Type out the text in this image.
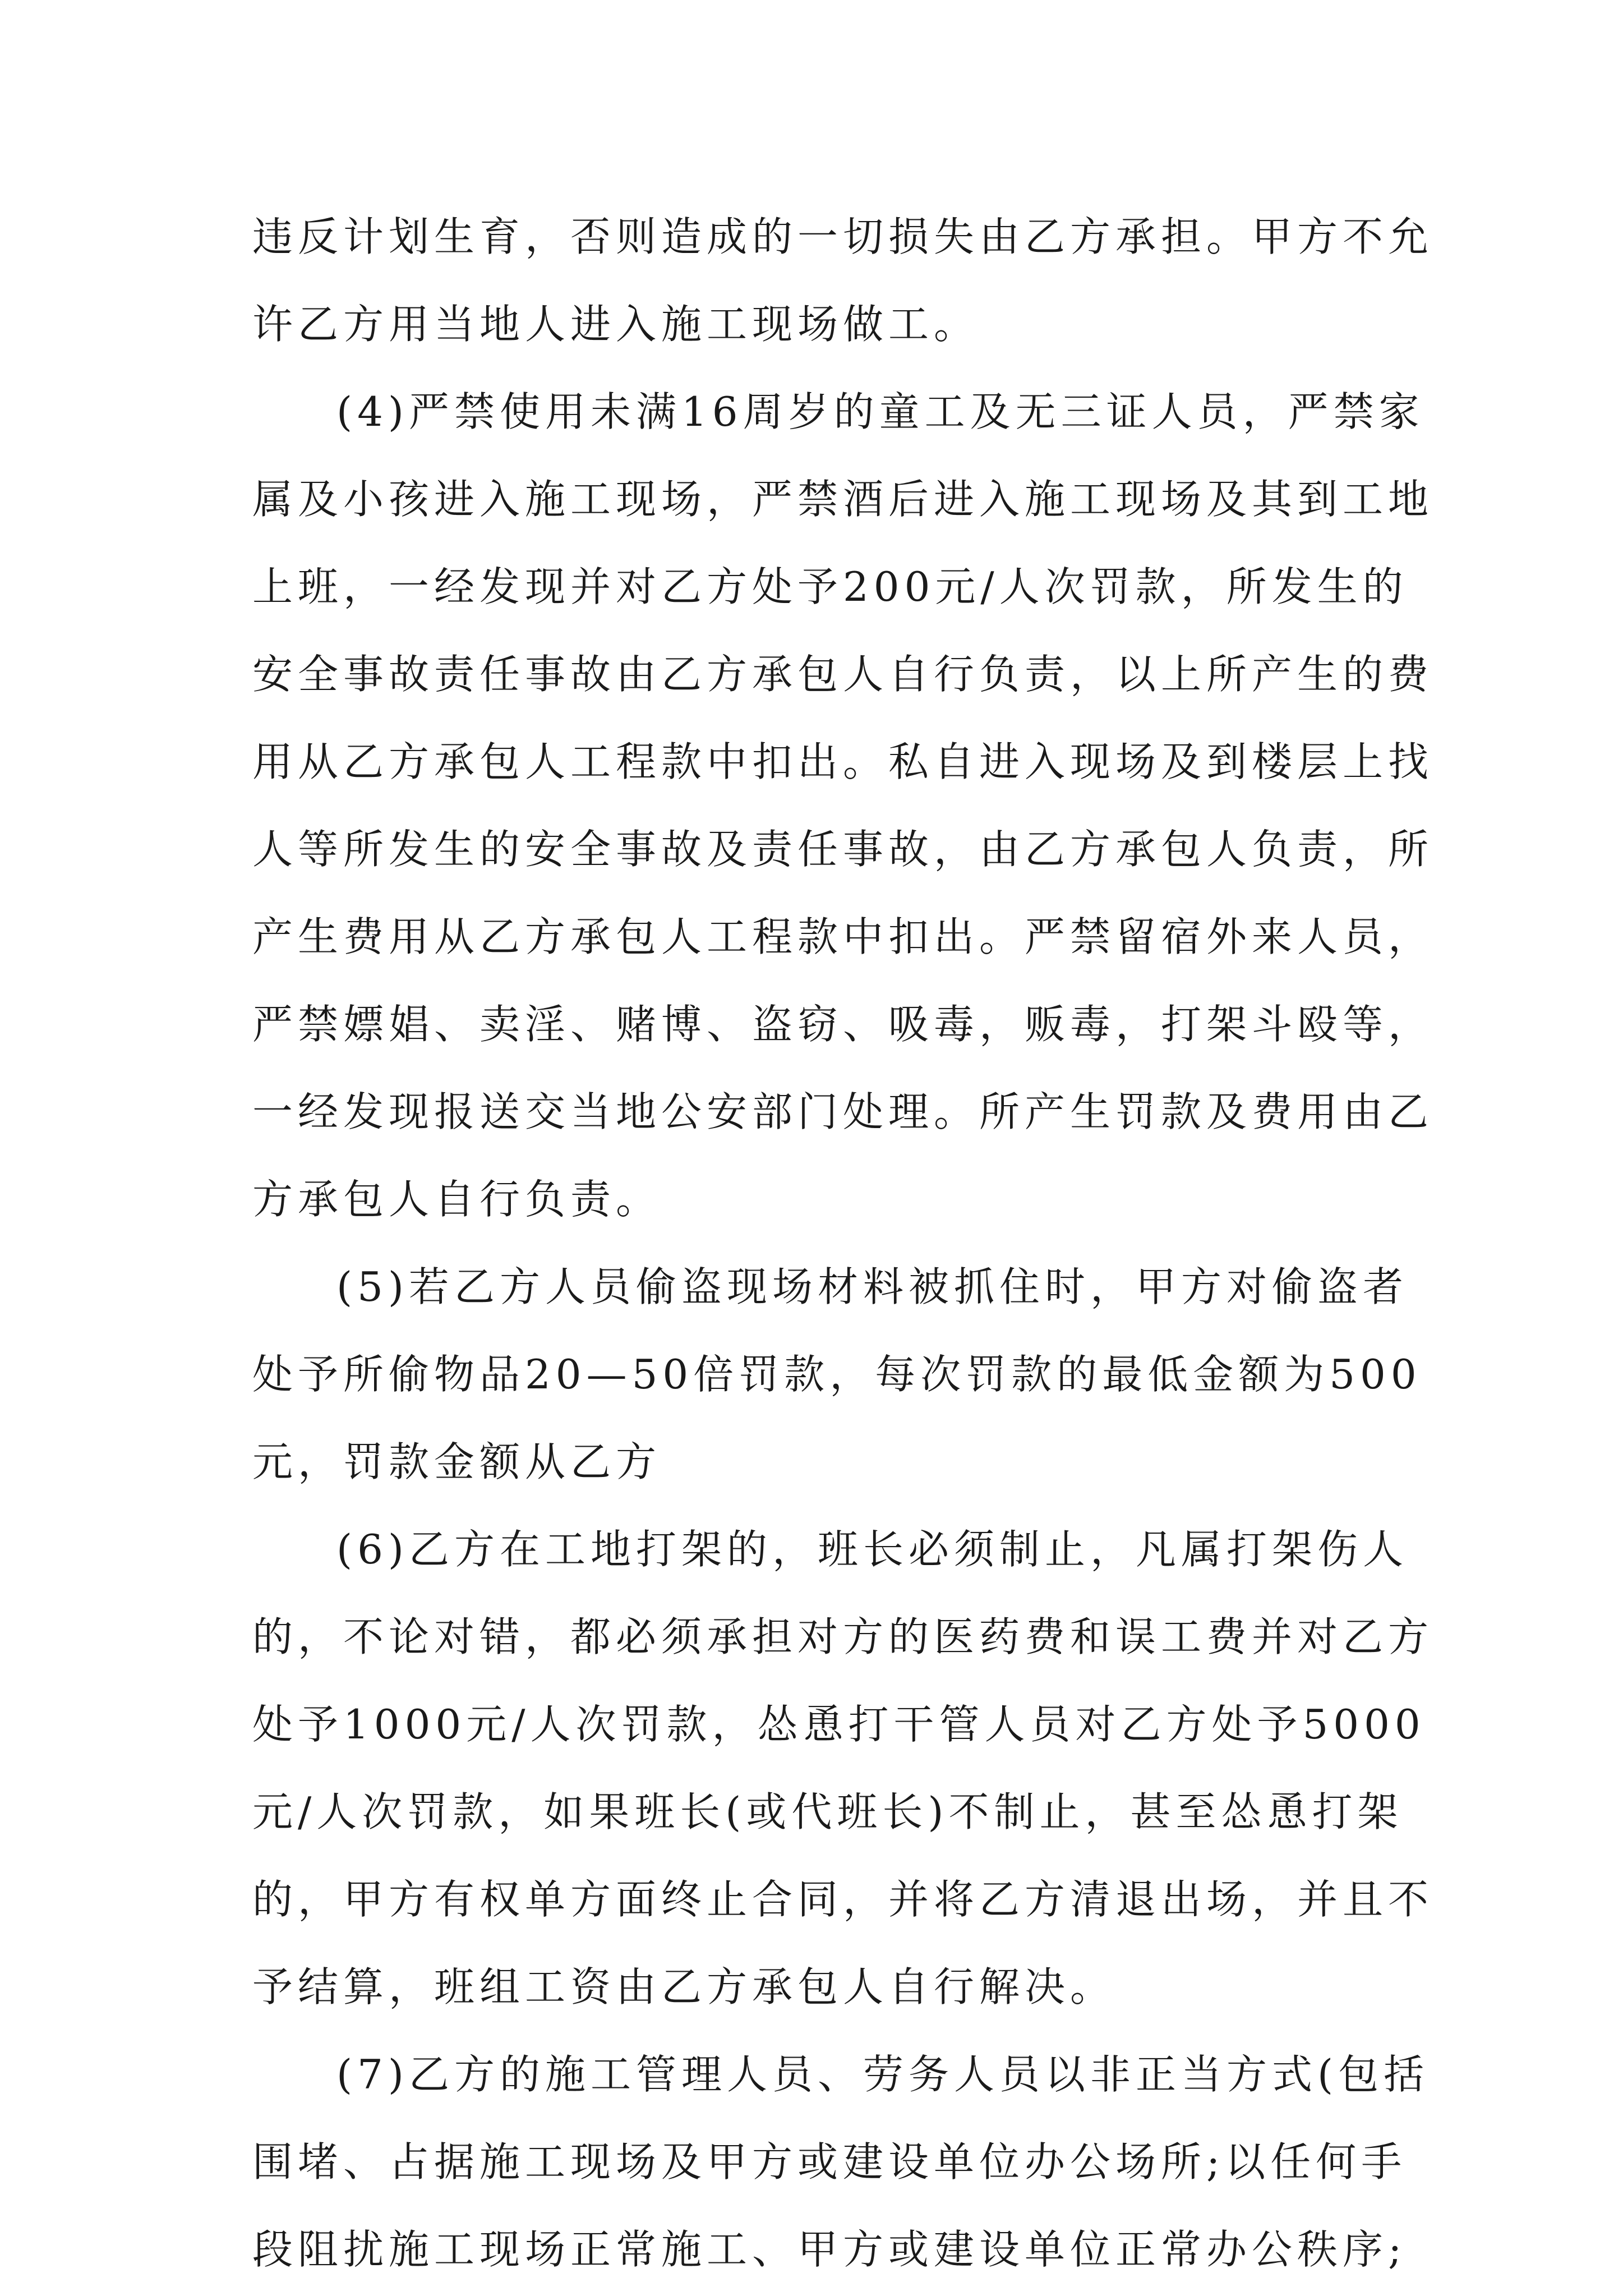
违反计划生育，否则造成的一切损失由乙方承担。甲方不允
许乙方用当地人进入施工现场做工。
(4)严禁使用未满16周岁的童工及无三证人员，严禁家
属及小孩进入施工现场，严禁酒后进入施工现场及其到工地
上班，一经发现并对乙方处予200元/人次罚款，所发生的
安全事故责任事故由乙方承包人自行负责，以上所产生的费
用从乙方承包人工程款中扣出。私自进入现场及到楼层上找
人等所发生的安全事故及责任事故，由乙方承包人负责，所
产生费用从乙方承包人工程款中扣出。严禁留宿外来人员，
严禁嫖娼、卖淫、赌博、盗窃、吸毒，贩毒，打架斗殴等，
一经发现报送交当地公安部门处理。所产生罚款及费用由乙
方承包人自行负责。
(5)若乙方人员偷盗现场材料被抓住时，甲方对偷盗者
处予所偷物品20—50倍罚款，每次罚款的最低金额为500
元，罚款金额从乙方
(6)乙方在工地打架的，班长必须制止，凡属打架伤人
的，不论对错，都必须承担对方的医药费和误工费并对乙方
处予1000元/人次罚款，怂恿打干管人员对乙方处予5000
元/人次罚款，如果班长(或代班长)不制止，甚至怂恿打架
的，甲方有权单方面终止合同，并将乙方清退出场，并且不
予结算，班组工资由乙方承包人自行解决。
(7)乙方的施工管理人员、劳务人员以非正当方式(包括
围堵、占据施工现场及甲方或建设单位办公场所;以任何手
段阻扰施工现场正常施工、甲方或建设单位正常办公秩序;
